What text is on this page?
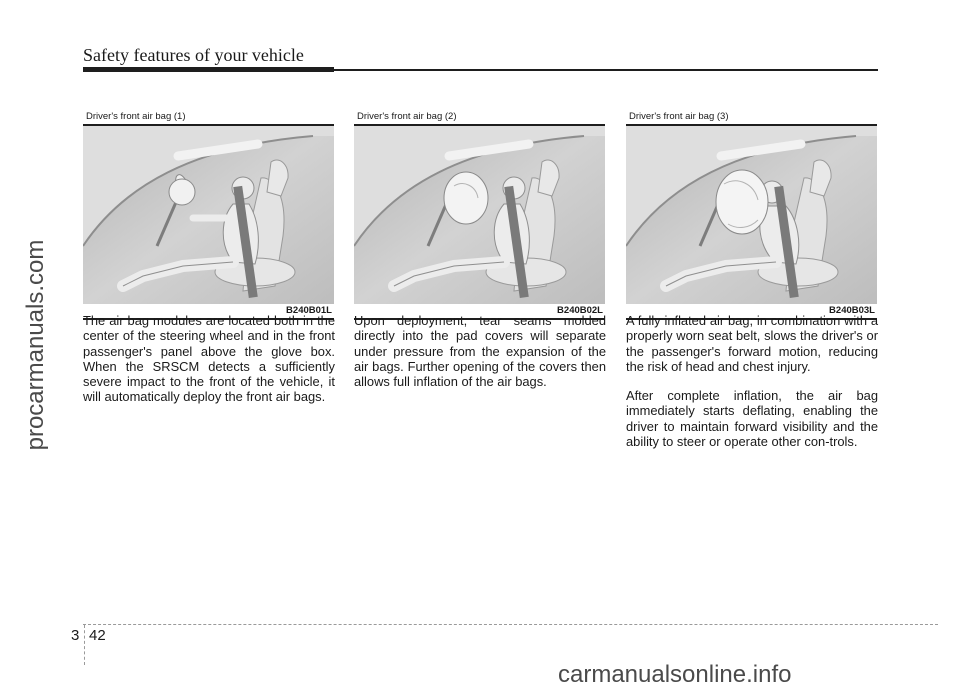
Safety features of your vehicle
procarmanuals.com
Driver's front air bag (1)
B240B01L
Driver's front air bag (2)
B240B02L
Driver's front air bag (3)
B240B03L

The air bag modules are located both in the center of the steering wheel and in the front passenger's panel above the glove box. When the SRSCM detects a sufficiently severe impact to the front of the vehicle, it will automatically deploy the front air bags.

Upon deployment, tear seams molded directly into the pad covers will separate under pressure from the expansion of the air bags. Further opening of the covers then allows full inflation of the air bags.

A fully inflated air bag, in combination with a properly worn seat belt, slows the driver's or the passenger's forward motion, reducing the risk of head and chest injury.

After complete inflation, the air bag immediately starts deflating, enabling the driver to maintain forward visibility and the ability to steer or operate other con-trols.

3 42
carmanualsonline.info
